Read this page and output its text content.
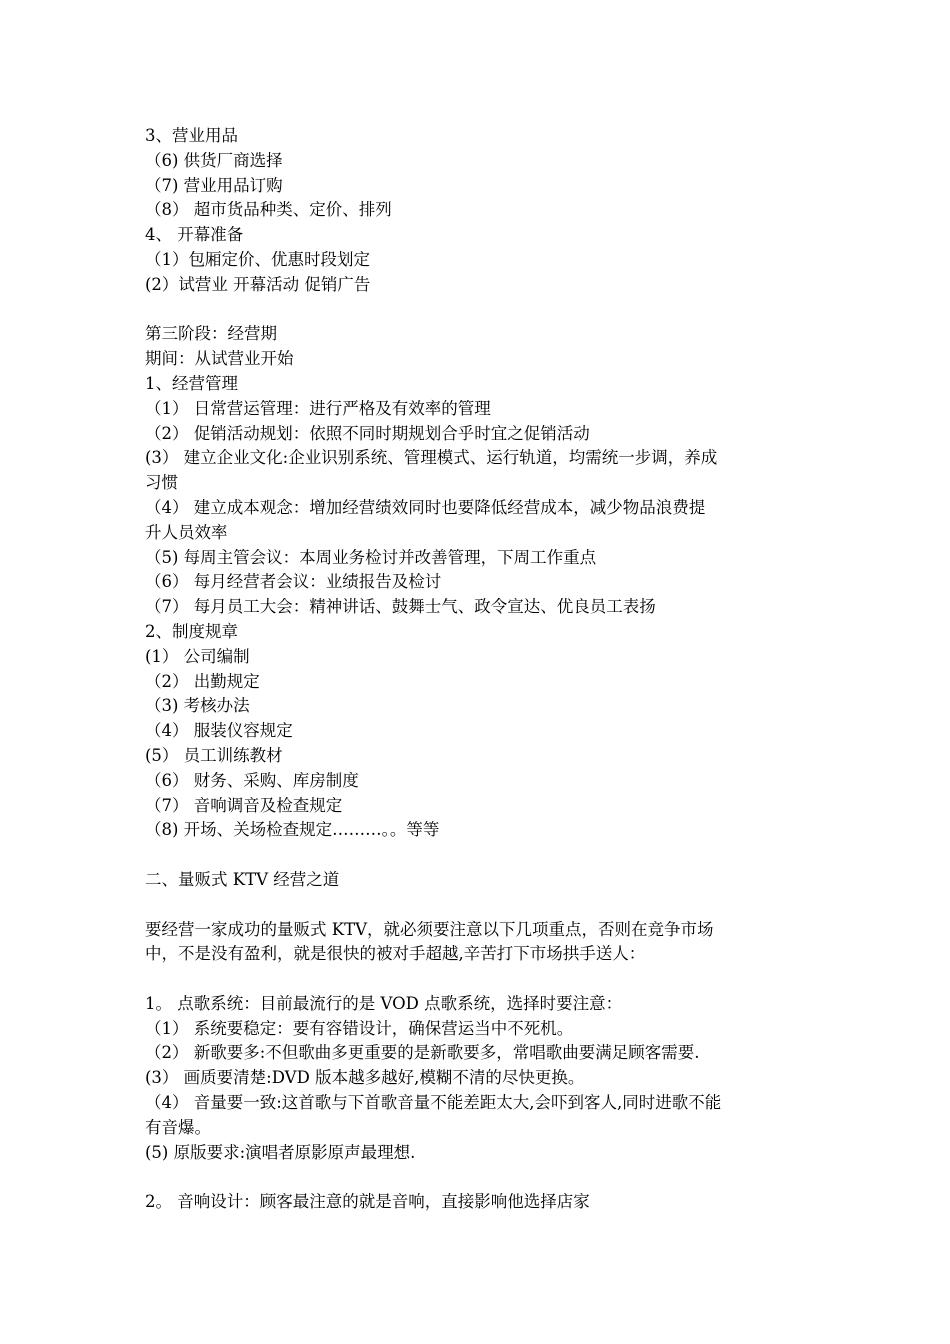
3、营业用品
（6) 供货厂商选择
（7) 营业用品订购
（8） 超市货品种类、定价、排列
4、 开幕准备
（1）包厢定价、优惠时段划定
(2）试营业 开幕活动 促销广告
第三阶段：经营期
期间：从试营业开始
1、经营管理
（1） 日常营运管理：进行严格及有效率的管理
（2） 促销活动规划：依照不同时期规划合乎时宜之促销活动
(3） 建立企业文化:企业识别系统、管理模式、运行轨道，均需统一步调，养成
习惯
（4） 建立成本观念：增加经营绩效同时也要降低经营成本，减少物品浪费提
升人员效率
（5) 每周主管会议：本周业务检讨并改善管理，下周工作重点
（6） 每月经营者会议：业绩报告及检讨
（7） 每月员工大会：精神讲话、鼓舞士气、政令宣达、优良员工表扬
2、制度规章
(1） 公司编制
（2） 出勤规定
（3) 考核办法
（4） 服装仪容规定
(5） 员工训练教材
（6） 财务、采购、库房制度
（7） 音响调音及检查规定
（8) 开场、关场检查规定………。。等等
二、量贩式 KTV 经营之道
要经营一家成功的量贩式 KTV，就必须要注意以下几项重点，否则在竞争市场
中，不是没有盈利，就是很快的被对手超越,辛苦打下市场拱手送人：
1。 点歌系统：目前最流行的是 VOD 点歌系统，选择时要注意：
（1） 系统要稳定：要有容错设计，确保营运当中不死机。
（2） 新歌要多:不但歌曲多更重要的是新歌要多，常唱歌曲要满足顾客需要.
(3） 画质要清楚:DVD 版本越多越好,模糊不清的尽快更换。
（4） 音量要一致:这首歌与下首歌音量不能差距太大,会吓到客人,同时进歌不能
有音爆。
(5) 原版要求:演唱者原影原声最理想.
2。 音响设计：顾客最注意的就是音响，直接影响他选择店家
